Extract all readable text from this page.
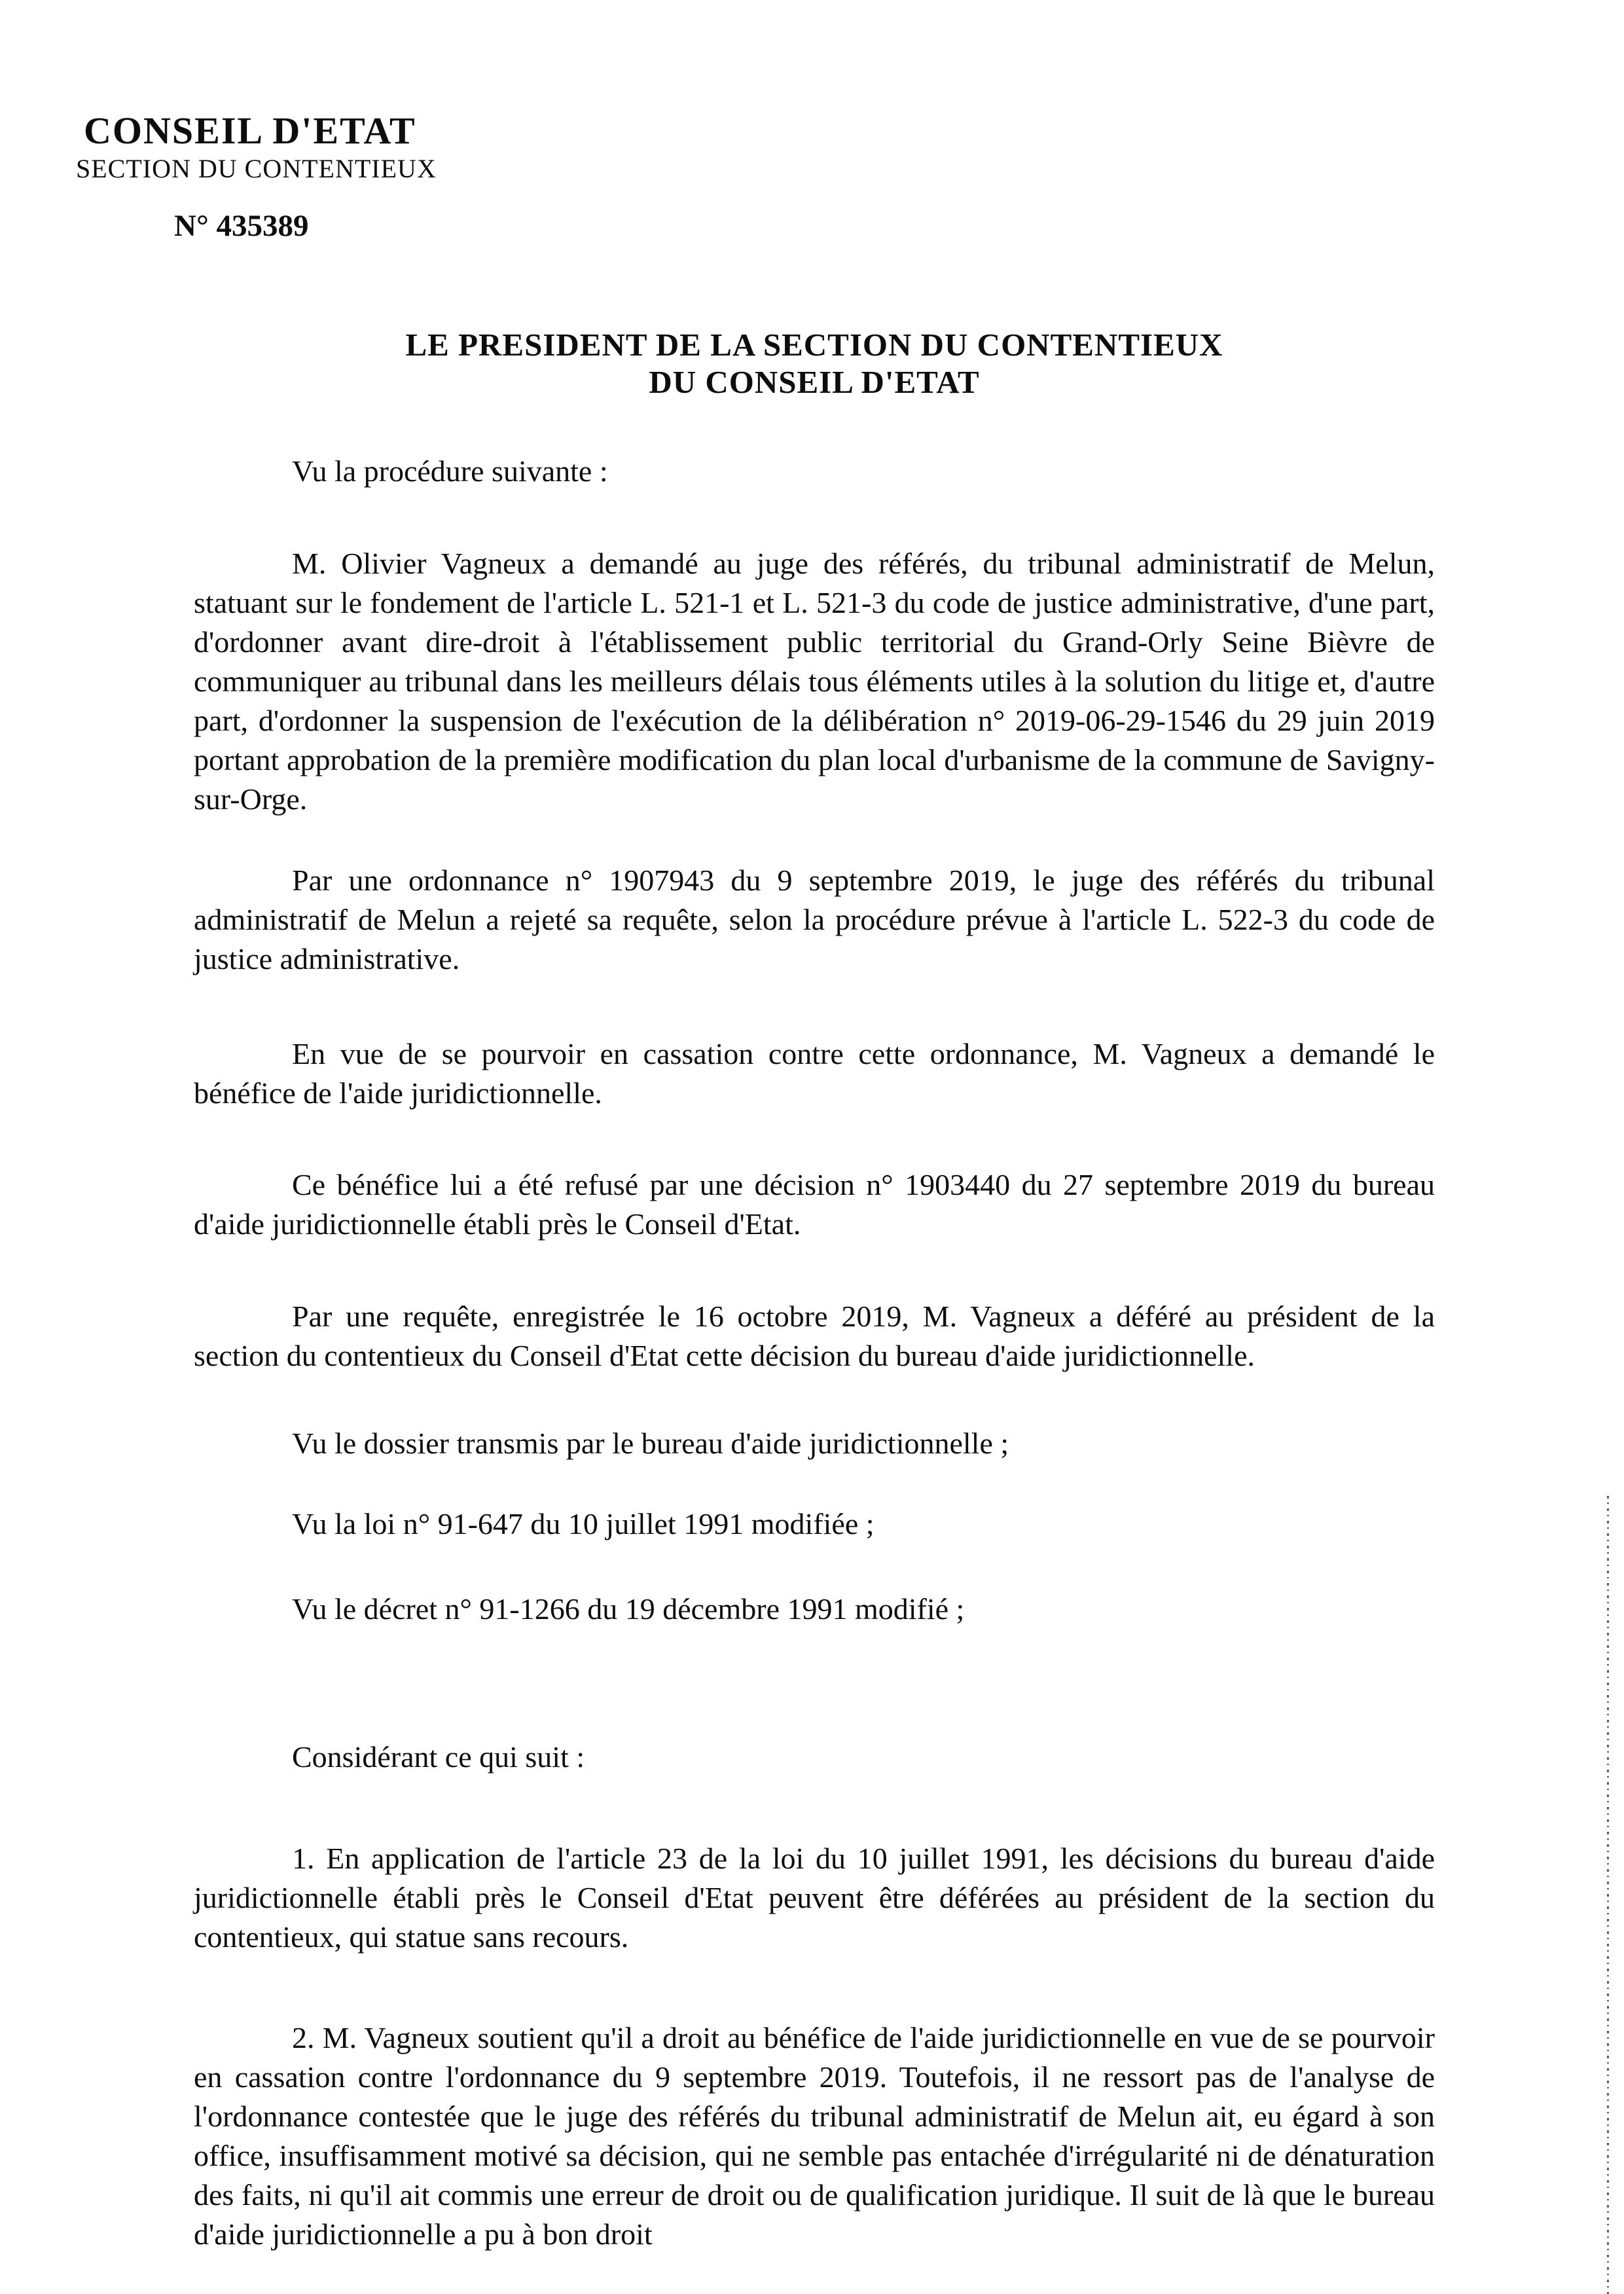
CONSEIL D'ETAT
SECTION DU CONTENTIEUX
N° 435389
LE PRESIDENT DE LA SECTION DU CONTENTIEUX
DU CONSEIL D'ETAT

Vu la procédure suivante :

M. Olivier Vagneux a demandé au juge des référés, du tribunal administratif de Melun, statuant sur le fondement de l'article L. 521-1 et L. 521-3 du code de justice administrative, d'une part, d'ordonner avant dire-droit à l'établissement public territorial du Grand-Orly Seine Bièvre de communiquer au tribunal dans les meilleurs délais tous éléments utiles à la solution du litige et, d'autre part, d'ordonner la suspension de l'exécution de la délibération n° 2019-06-29-1546 du 29 juin 2019 portant approbation de la première modification du plan local d'urbanisme de la commune de Savigny-sur-Orge.

Par une ordonnance n° 1907943 du 9 septembre 2019, le juge des référés du tribunal administratif de Melun a rejeté sa requête, selon la procédure prévue à l'article L. 522-3 du code de justice administrative.

En vue de se pourvoir en cassation contre cette ordonnance, M. Vagneux a demandé le bénéfice de l'aide juridictionnelle.

Ce bénéfice lui a été refusé par une décision n° 1903440 du 27 septembre 2019 du bureau d'aide juridictionnelle établi près le Conseil d'Etat.

Par une requête, enregistrée le 16 octobre 2019, M. Vagneux a déféré au président de la section du contentieux du Conseil d'Etat cette décision du bureau d'aide juridictionnelle.

Vu le dossier transmis par le bureau d'aide juridictionnelle ;

Vu la loi n° 91-647 du 10 juillet 1991 modifiée ;

Vu le décret n° 91-1266 du 19 décembre 1991 modifié ;

Considérant ce qui suit :

1. En application de l'article 23 de la loi du 10 juillet 1991, les décisions du bureau d'aide juridictionnelle établi près le Conseil d'Etat peuvent être déférées au président de la section du contentieux, qui statue sans recours.

2. M. Vagneux soutient qu'il a droit au bénéfice de l'aide juridictionnelle en vue de se pourvoir en cassation contre l'ordonnance du 9 septembre 2019. Toutefois, il ne ressort pas de l'analyse de l'ordonnance contestée que le juge des référés du tribunal administratif de Melun ait, eu égard à son office, insuffisamment motivé sa décision, qui ne semble pas entachée d'irrégularité ni de dénaturation des faits, ni qu'il ait commis une erreur de droit ou de qualification juridique. Il suit de là que le bureau d'aide juridictionnelle a pu à bon droit
